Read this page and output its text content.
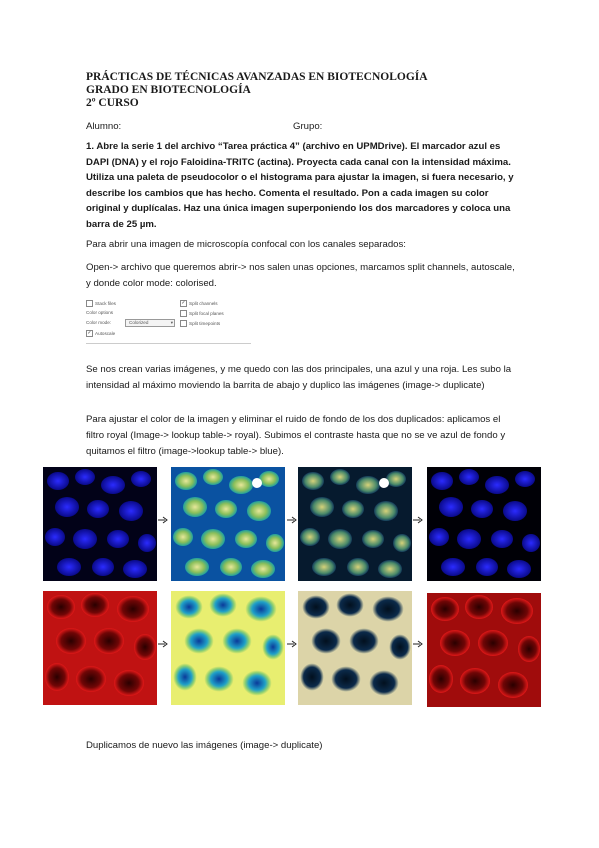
PRÁCTICAS DE TÉCNICAS AVANZADAS EN BIOTECNOLOGÍA
GRADO EN BIOTECNOLOGÍA
2º CURSO
Alumno:	Grupo:
1. Abre la serie 1 del archivo “Tarea práctica 4” (archivo en UPMDrive). El marcador azul es DAPI (DNA) y el rojo Faloidina-TRITC (actina). Proyecta cada canal con la intensidad máxima. Utiliza una paleta de pseudocolor o el histograma para ajustar la imagen, si fuera necesario, y describe los cambios que has hecho. Comenta el resultado. Pon a cada imagen su color original y duplícalas. Haz una única imagen superponiendo los dos marcadores y coloca una barra de 25 µm.
Para abrir una imagen de microscopía confocal con los canales separados:
Open-> archivo que queremos abrir-> nos salen unas opciones, marcamos split channels, autoscale, y donde color mode: colorised.
Stack files
Color options
Color mode:	Colorized	▾
✓ Autoscale
✓ Split channels
Split focal planes
Split timepoints
Se nos crean varias imágenes, y me quedo con las dos principales, una azul y una roja. Les subo la intensidad al máximo moviendo la barrita de abajo y duplico las imágenes (image-> duplicate)
Para ajustar el color de la imagen y eliminar el ruido de fondo de los dos duplicados: aplicamos el filtro royal (Image-> lookup table-> royal). Subimos el contraste hasta que no se ve azul de fondo y quitamos el filtro (image->lookup table-> blue).
Duplicamos de nuevo las imágenes (image-> duplicate)
